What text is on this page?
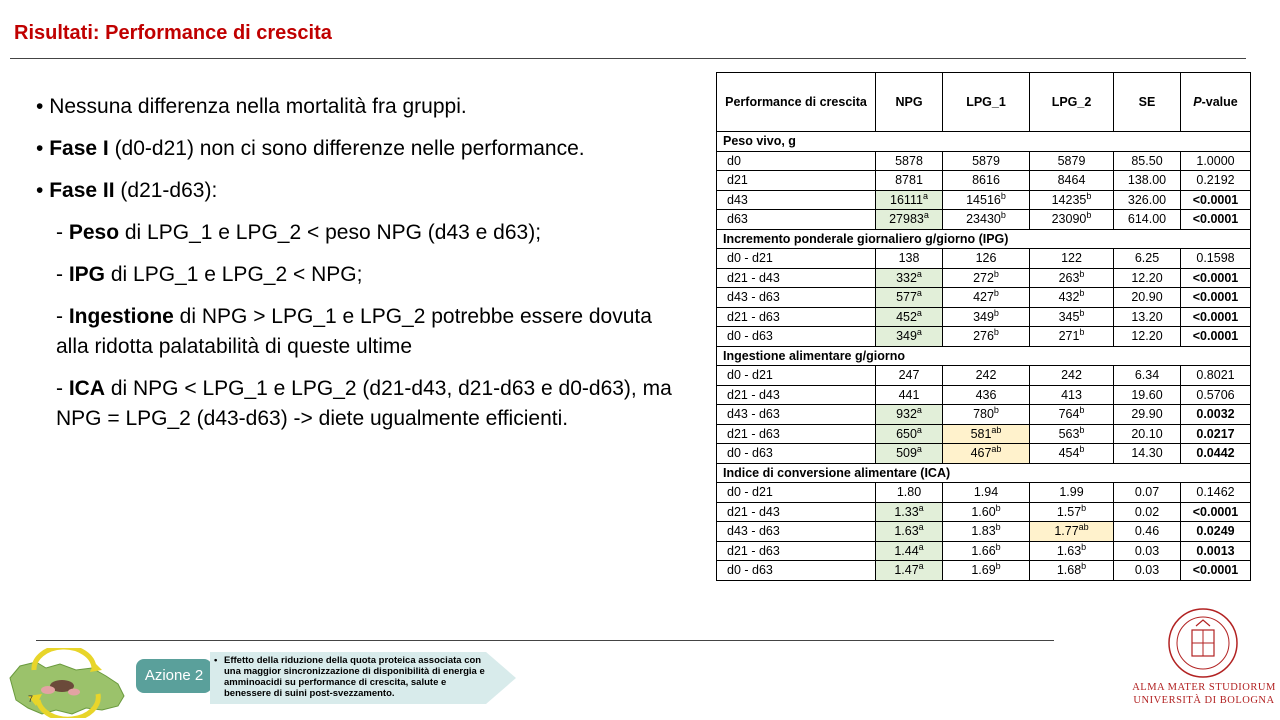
Risultati: Performance di crescita

• Nessuna differenza nella mortalità fra gruppi.

• Fase I (d0-d21) non ci sono differenze nelle performance.

• Fase II (d21-d63):

- Peso di LPG_1 e LPG_2 < peso NPG (d43 e d63);

- IPG di LPG_1 e LPG_2 < NPG;

- Ingestione di NPG > LPG_1 e LPG_2 potrebbe essere dovuta alla ridotta palatabilità di queste ultime

- ICA di NPG < LPG_1 e LPG_2 (d21-d43, d21-d63 e d0-d63), ma NPG = LPG_2 (d43-d63) -> diete ugualmente efficienti.

Performance di crescita	NPG	LPG_1	LPG_2	SE	P-value
Peso vivo, g					
d0	5878	5879	5879	85.50	1.0000
d21	8781	8616	8464	138.00	0.2192
d43	16111$^a$	14516$^b$	14235$^b$	326.00	<0.0001
d63	27983$^a$	23430$^b$	23090$^b$	614.00	<0.0001
Incremento ponderale giornaliero g/giorno (IPG)					
d0 - d21	138	126	122	6.25	0.1598
d21 - d43	332$^a$	272$^b$	263$^b$	12.20	<0.0001
d43 - d63	577$^a$	427$^b$	432$^b$	20.90	<0.0001
d21 - d63	452$^a$	349$^b$	345$^b$	13.20	<0.0001
d0 - d63	349$^a$	276$^b$	271$^b$	12.20	<0.0001
Ingestione alimentare g/giorno					
d0 - d21	247	242	242	6.34	0.8021
d21 - d43	441	436	413	19.60	0.5706
d43 - d63	932$^a$	780$^b$	764$^b$	29.90	0.0032
d21 - d63	650$^a$	$581^{ab}$	563$^b$	20.10	0.0217
d0 - d63	509$^a$	$467^{ab}$	454$^b$	14.30	0.0442
Indice di conversione alimentare (ICA)					
d0 - d21	1.80	1.94	1.99	0.07	0.1462
d21 - d43	1.33$^a$	1.60$^b$	1.57$^b$	0.02	<0.0001
d43 - d63	1.63$^a$	1.83$^b$	1.77$^{ab}$	0.46	0.0249
d21 - d63	1.44$^a$	1.66$^b$	1.63$^b$	0.03	0.0013
d0 - d63	1.47$^a$	1.69$^b$	1.68$^b$	0.03	<0.0001
7
Azione 2
• Effetto della riduzione della quota proteica associata con una maggior sincronizzazione di disponibilità di energia e amminoacidi su performance di crescita, salute e benessere di suini post-svezzamento.
ALMA MATER STUDIORUM
UNIVERSITÀ DI BOLOGNA
